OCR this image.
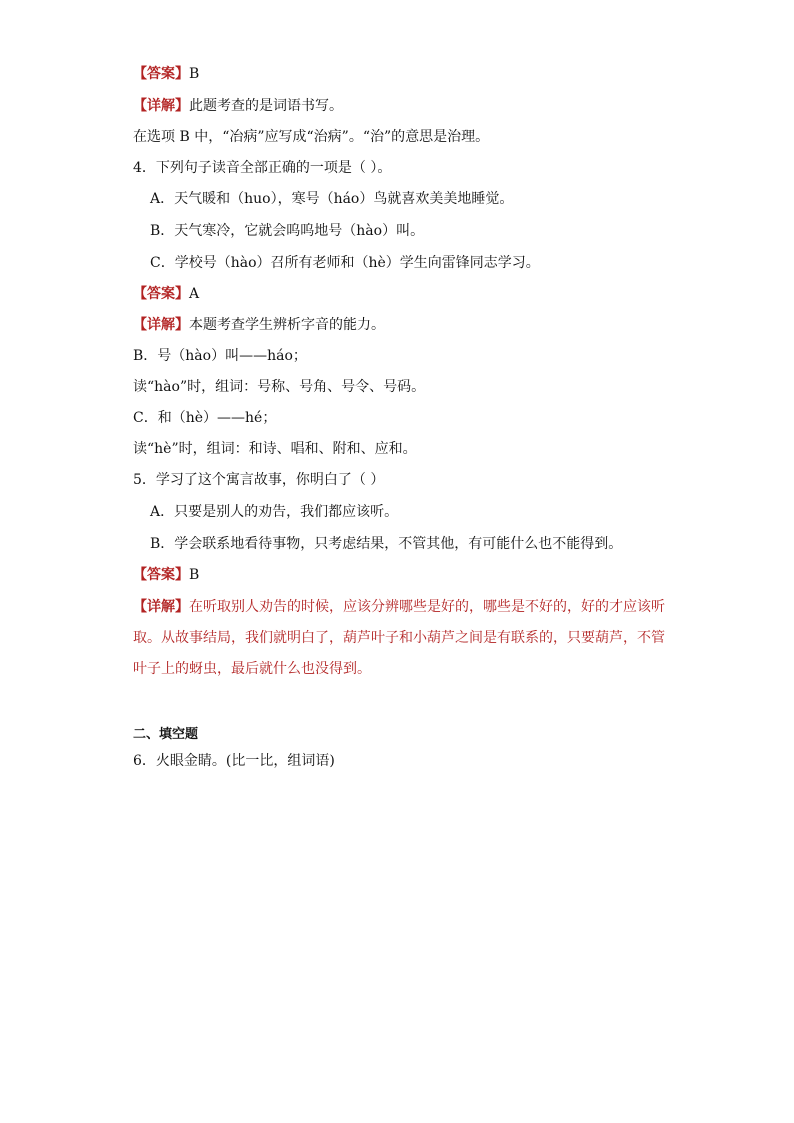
【答案】B
【详解】此题考查的是词语书写。
在选项 B 中，“冶病”应写成“治病”。“治”的意思是治理。
4．下列句子读音全部正确的一项是（ ）。
A．天气暖和（huo），寒号（háo）鸟就喜欢美美地睡觉。
B．天气寒冷，它就会呜呜地号（hào）叫。
C．学校号（hào）召所有老师和（hè）学生向雷锋同志学习。
【答案】A
【详解】本题考查学生辨析字音的能力。
B．号（hào）叫——háo；
读“hào”时，组词：号称、号角、号令、号码。
C．和（hè）——hé；
读“hè”时，组词：和诗、唱和、附和、应和。
5．学习了这个寓言故事，你明白了（ ）
A．只要是别人的劝告，我们都应该听。
B．学会联系地看待事物，只考虑结果，不管其他，有可能什么也不能得到。
【答案】B
【详解】在听取别人劝告的时候，应该分辨哪些是好的，哪些是不好的，好的才应该听
取。从故事结局，我们就明白了，葫芦叶子和小葫芦之间是有联系的，只要葫芦，不管
叶子上的蚜虫，最后就什么也没得到。
二、填空题
6．火眼金睛。(比一比，组词语)
